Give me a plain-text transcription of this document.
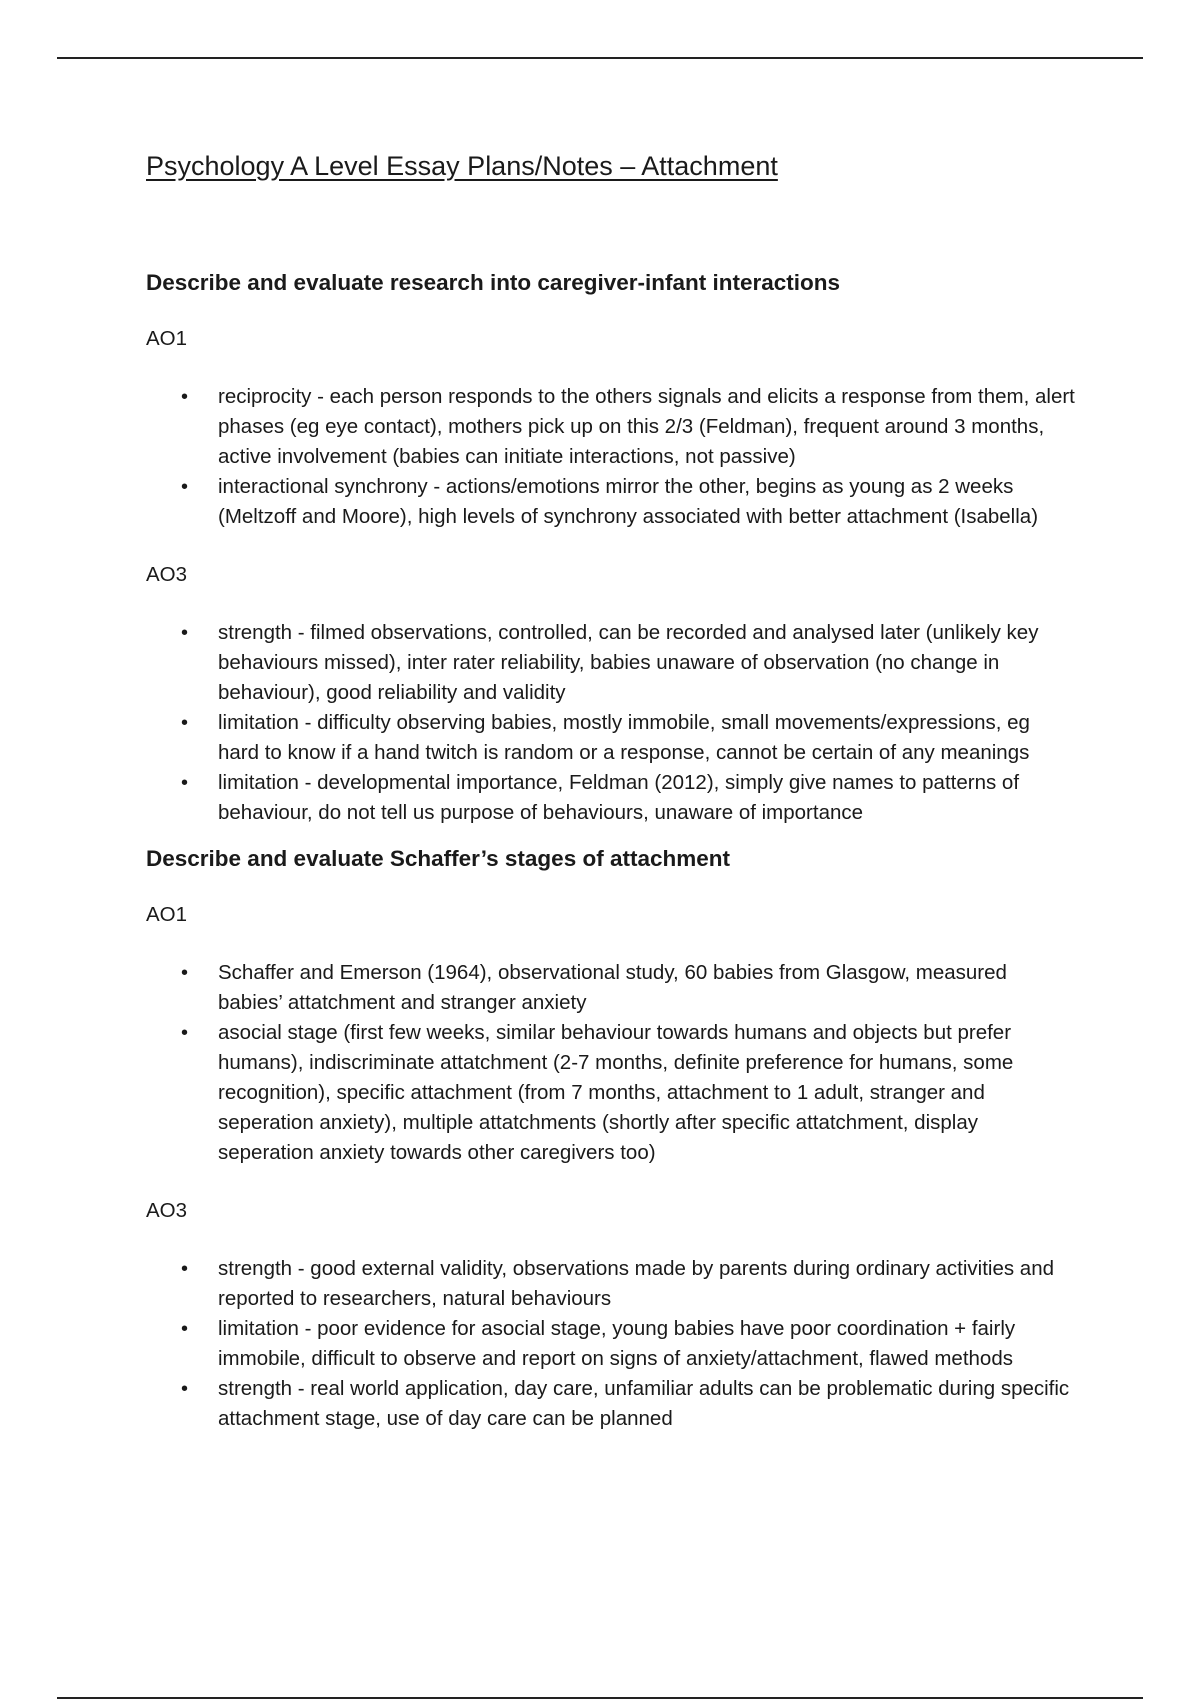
Psychology A Level Essay Plans/Notes – Attachment
Describe and evaluate research into caregiver-infant interactions

AO1

•	reciprocity - each person responds to the others signals and elicits a response from them, alert phases (eg eye contact), mothers pick up on this 2/3 (Feldman), frequent around 3 months, active involvement (babies can initiate interactions, not passive)
•	interactional synchrony - actions/emotions mirror the other, begins as young as 2 weeks (Meltzoff and Moore), high levels of synchrony associated with better attachment (Isabella)

AO3

•	strength - filmed observations, controlled, can be recorded and analysed later (unlikely key behaviours missed), inter rater reliability, babies unaware of observation (no change in behaviour), good reliability and validity
•	limitation - difficulty observing babies, mostly immobile, small movements/expressions, eg hard to know if a hand twitch is random or a response, cannot be certain of any meanings
•	limitation - developmental importance, Feldman (2012), simply give names to patterns of behaviour, do not tell us purpose of behaviours, unaware of importance
Describe and evaluate Schaffer’s stages of attachment

AO1

•	Schaffer and Emerson (1964), observational study, 60 babies from Glasgow, measured babies’ attatchment and stranger anxiety
•	asocial stage (first few weeks, similar behaviour towards humans and objects but prefer humans), indiscriminate attatchment (2-7 months, definite preference for humans, some recognition), specific attachment (from 7 months, attachment to 1 adult, stranger and seperation anxiety), multiple attatchments (shortly after specific attatchment, display seperation anxiety towards other caregivers too)

AO3

•	strength - good external validity, observations made by parents during ordinary activities and reported to researchers, natural behaviours
•	limitation - poor evidence for asocial stage, young babies have poor coordination + fairly immobile, difficult to observe and report on signs of anxiety/attachment, flawed methods
•	strength - real world application, day care, unfamiliar adults can be problematic during specific attachment stage, use of day care can be planned
